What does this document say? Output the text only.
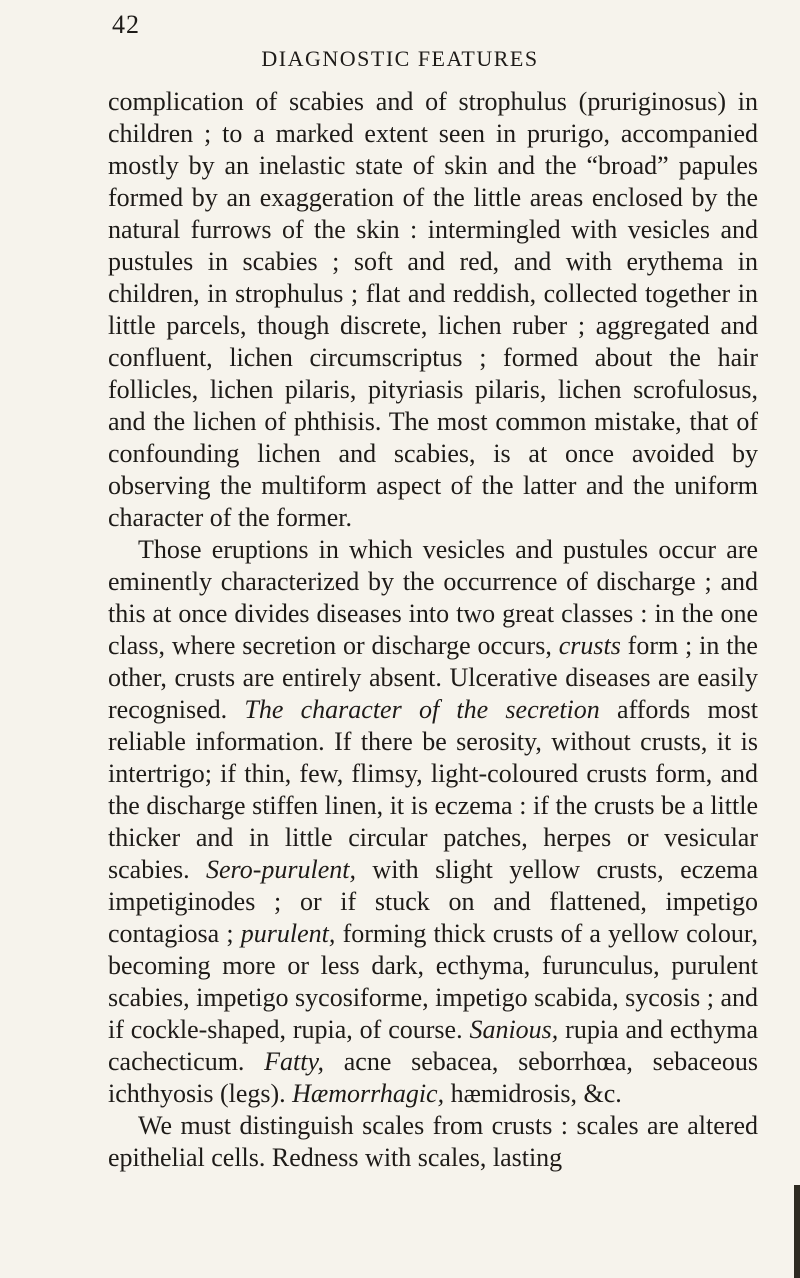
42
DIAGNOSTIC FEATURES

complication of scabies and of strophulus (pruriginosus) in children ; to a marked extent seen in prurigo, accompanied mostly by an inelastic state of skin and the “broad” papules formed by an exaggeration of the little areas enclosed by the natural furrows of the skin : intermingled with vesicles and pustules in scabies ; soft and red, and with erythema in children, in strophulus ; flat and reddish, collected together in little parcels, though discrete, lichen ruber ; aggregated and confluent, lichen circumscriptus ; formed about the hair follicles, lichen pilaris, pityriasis pilaris, lichen scrofulosus, and the lichen of phthisis. The most common mistake, that of confounding lichen and scabies, is at once avoided by observing the multiform aspect of the latter and the uniform character of the former.

Those eruptions in which vesicles and pustules occur are eminently characterized by the occurrence of discharge ; and this at once divides diseases into two great classes : in the one class, where secretion or discharge occurs, crusts form ; in the other, crusts are entirely absent. Ulcerative diseases are easily recognised. The character of the secretion affords most reliable information. If there be serosity, without crusts, it is intertrigo; if thin, few, flimsy, light-coloured crusts form, and the discharge stiffen linen, it is eczema : if the crusts be a little thicker and in little circular patches, herpes or vesicular scabies. Sero-purulent, with slight yellow crusts, eczema impetiginodes ; or if stuck on and flattened, impetigo contagiosa ; purulent, forming thick crusts of a yellow colour, becoming more or less dark, ecthyma, furunculus, purulent scabies, impetigo sycosiforme, impetigo scabida, sycosis ; and if cockle-shaped, rupia, of course. Sanious, rupia and ecthyma cachecticum. Fatty, acne sebacea, seborrhœa, sebaceous ichthyosis (legs). Hæmorrhagic, hæmidrosis, &c.

We must distinguish scales from crusts : scales are altered epithelial cells. Redness with scales, lasting
